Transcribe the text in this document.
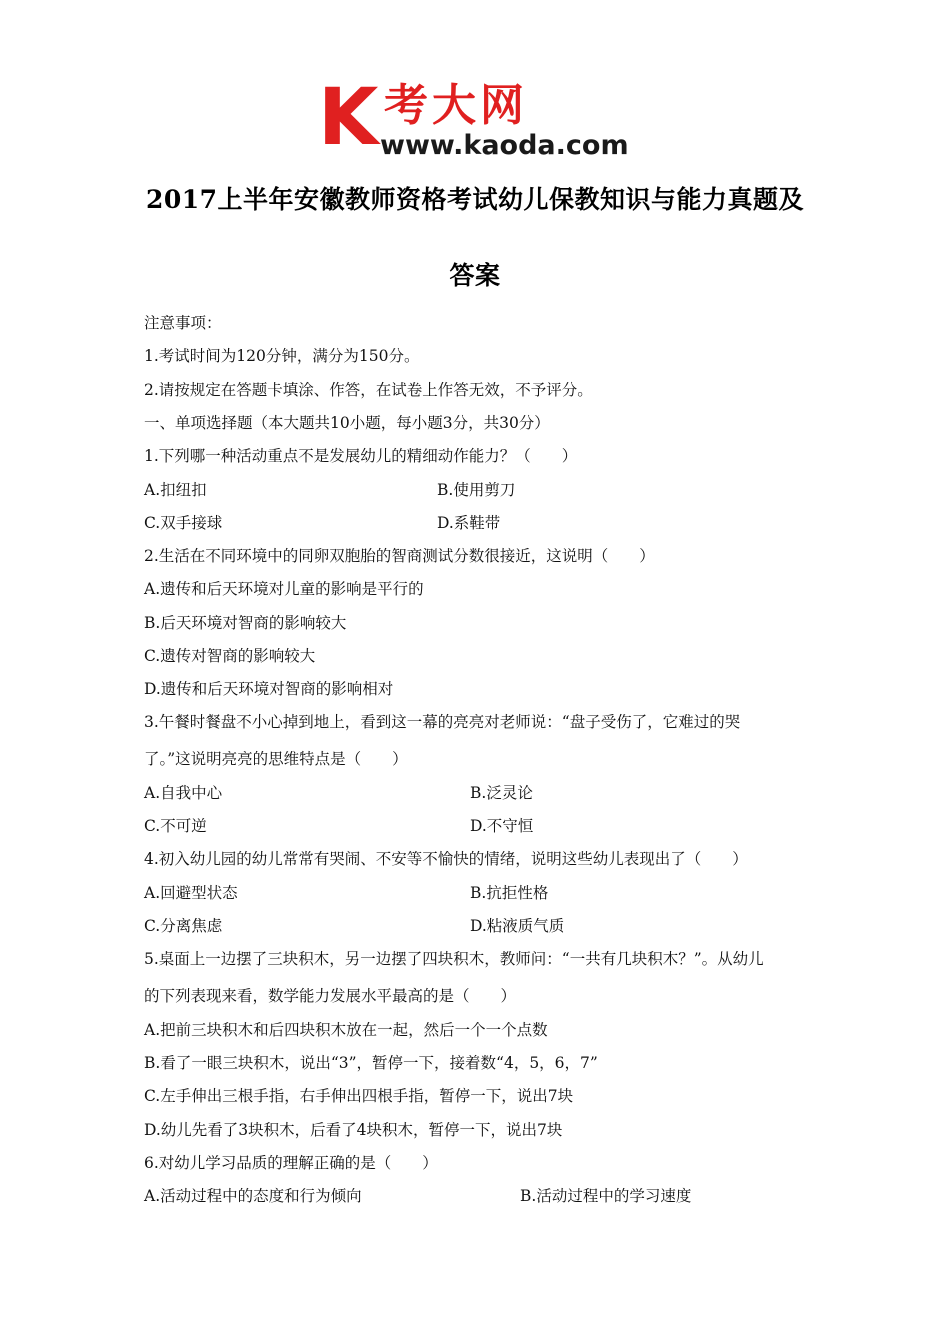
K 考大网
www.kaoda.com
2017上半年安徽教师资格考试幼儿保教知识与能力真题及
答案
注意事项：
1.考试时间为120分钟，满分为150分。
2.请按规定在答题卡填涂、作答，在试卷上作答无效，不予评分。
一、单项选择题（本大题共10小题，每小题3分，共30分）
1.下列哪一种活动重点不是发展幼儿的精细动作能力？（　　）
A.扣纽扣	B.使用剪刀
C.双手接球	D.系鞋带
2.生活在不同环境中的同卵双胞胎的智商测试分数很接近，这说明（　　）
A.遗传和后天环境对儿童的影响是平行的
B.后天环境对智商的影响较大
C.遗传对智商的影响较大
D.遗传和后天环境对智商的影响相对
3.午餐时餐盘不小心掉到地上，看到这一幕的亮亮对老师说：“盘子受伤了，它难过的哭
了。”这说明亮亮的思维特点是（　　）
A.自我中心	B.泛灵论
C.不可逆	D.不守恒
4.初入幼儿园的幼儿常常有哭闹、不安等不愉快的情绪，说明这些幼儿表现出了（　　）
A.回避型状态	B.抗拒性格
C.分离焦虑	D.粘液质气质
5.桌面上一边摆了三块积木，另一边摆了四块积木，教师问：“一共有几块积木？”。从幼儿
的下列表现来看，数学能力发展水平最高的是（　　）
A.把前三块积木和后四块积木放在一起，然后一个一个点数
B.看了一眼三块积木，说出“3”，暂停一下，接着数“4，5，6，7”
C.左手伸出三根手指，右手伸出四根手指，暂停一下，说出7块
D.幼儿先看了3块积木，后看了4块积木，暂停一下，说出7块
6.对幼儿学习品质的理解正确的是（　　）
A.活动过程中的态度和行为倾向	B.活动过程中的学习速度
